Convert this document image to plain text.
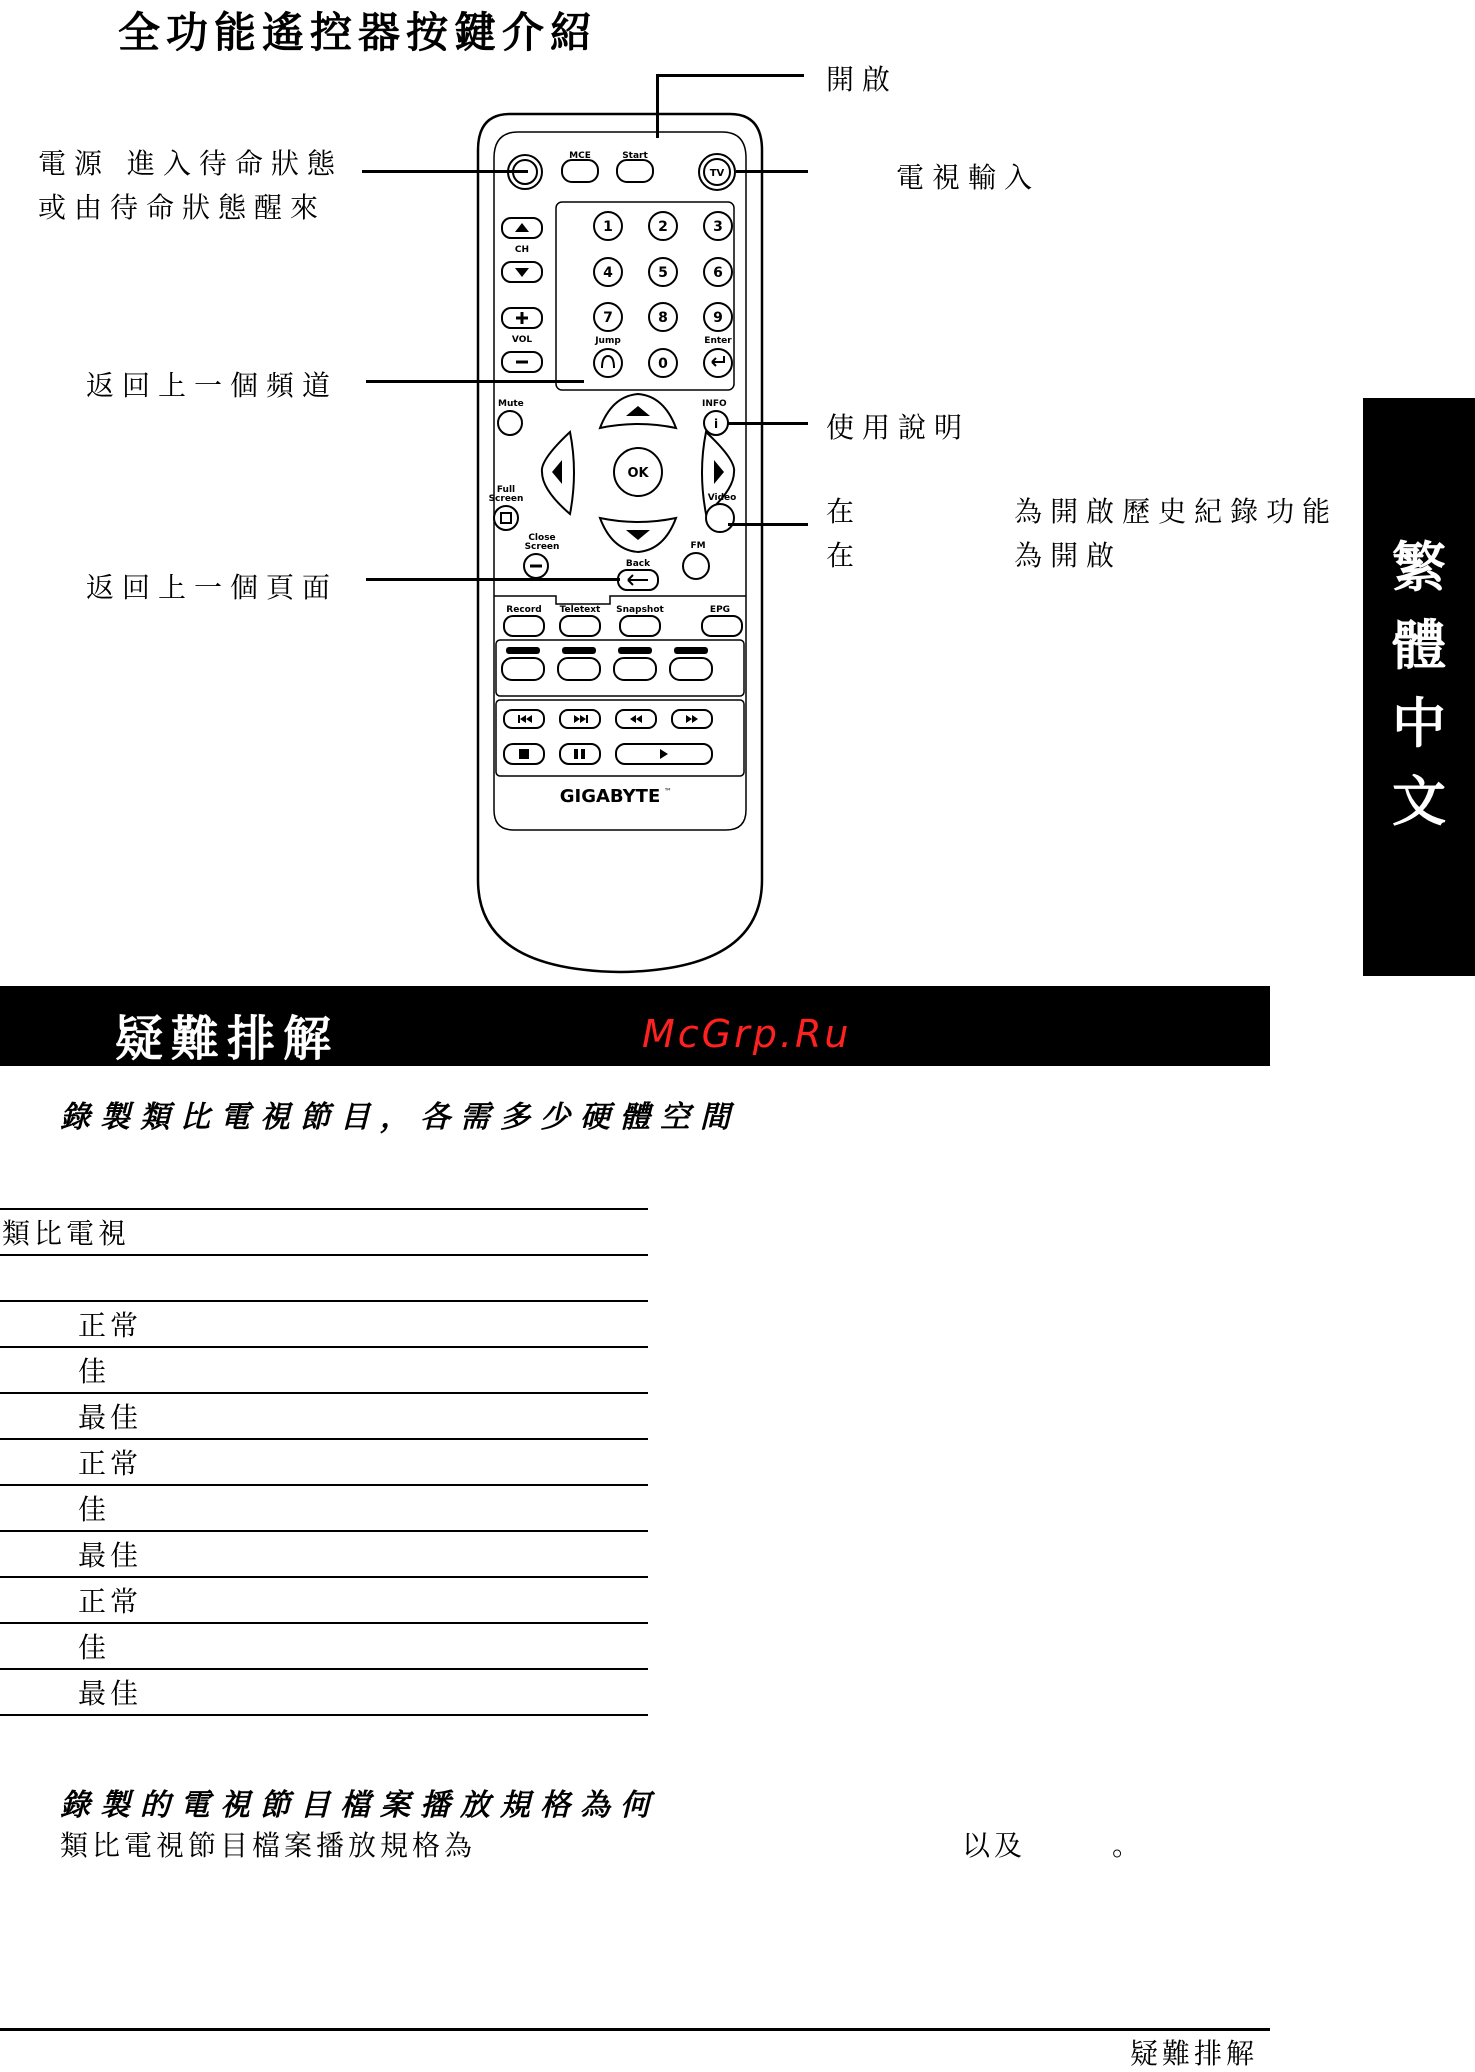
全功能遙控器按鍵介紹
MCE	Start
TV
CH
VOL
1	2	3
4	5	6
7	8	9
0
Jump	Enter
Mute	INFO
i
OK
Full
Screen	Video
Close
Screen
Back
FM
Record Teletext Snapshot	EPG
GIGABYTE ™
開啟
電源 進入待命狀態
或由待命狀態醒來
電視輸入
返回上一個頻道
使用說明
在         為開啟歷史紀錄功能
在         為開啟
返回上一個頁面	繁
體
中
文
疑難排解	McGrp.Ru
錄製類比電視節目，各需多少硬體空間
類比電視
正常
佳
最佳
正常
佳
最佳
正常
佳
最佳
錄製的電視節目檔案播放規格為何
類比電視節目檔案播放規格為	以及	。
疑難排解
